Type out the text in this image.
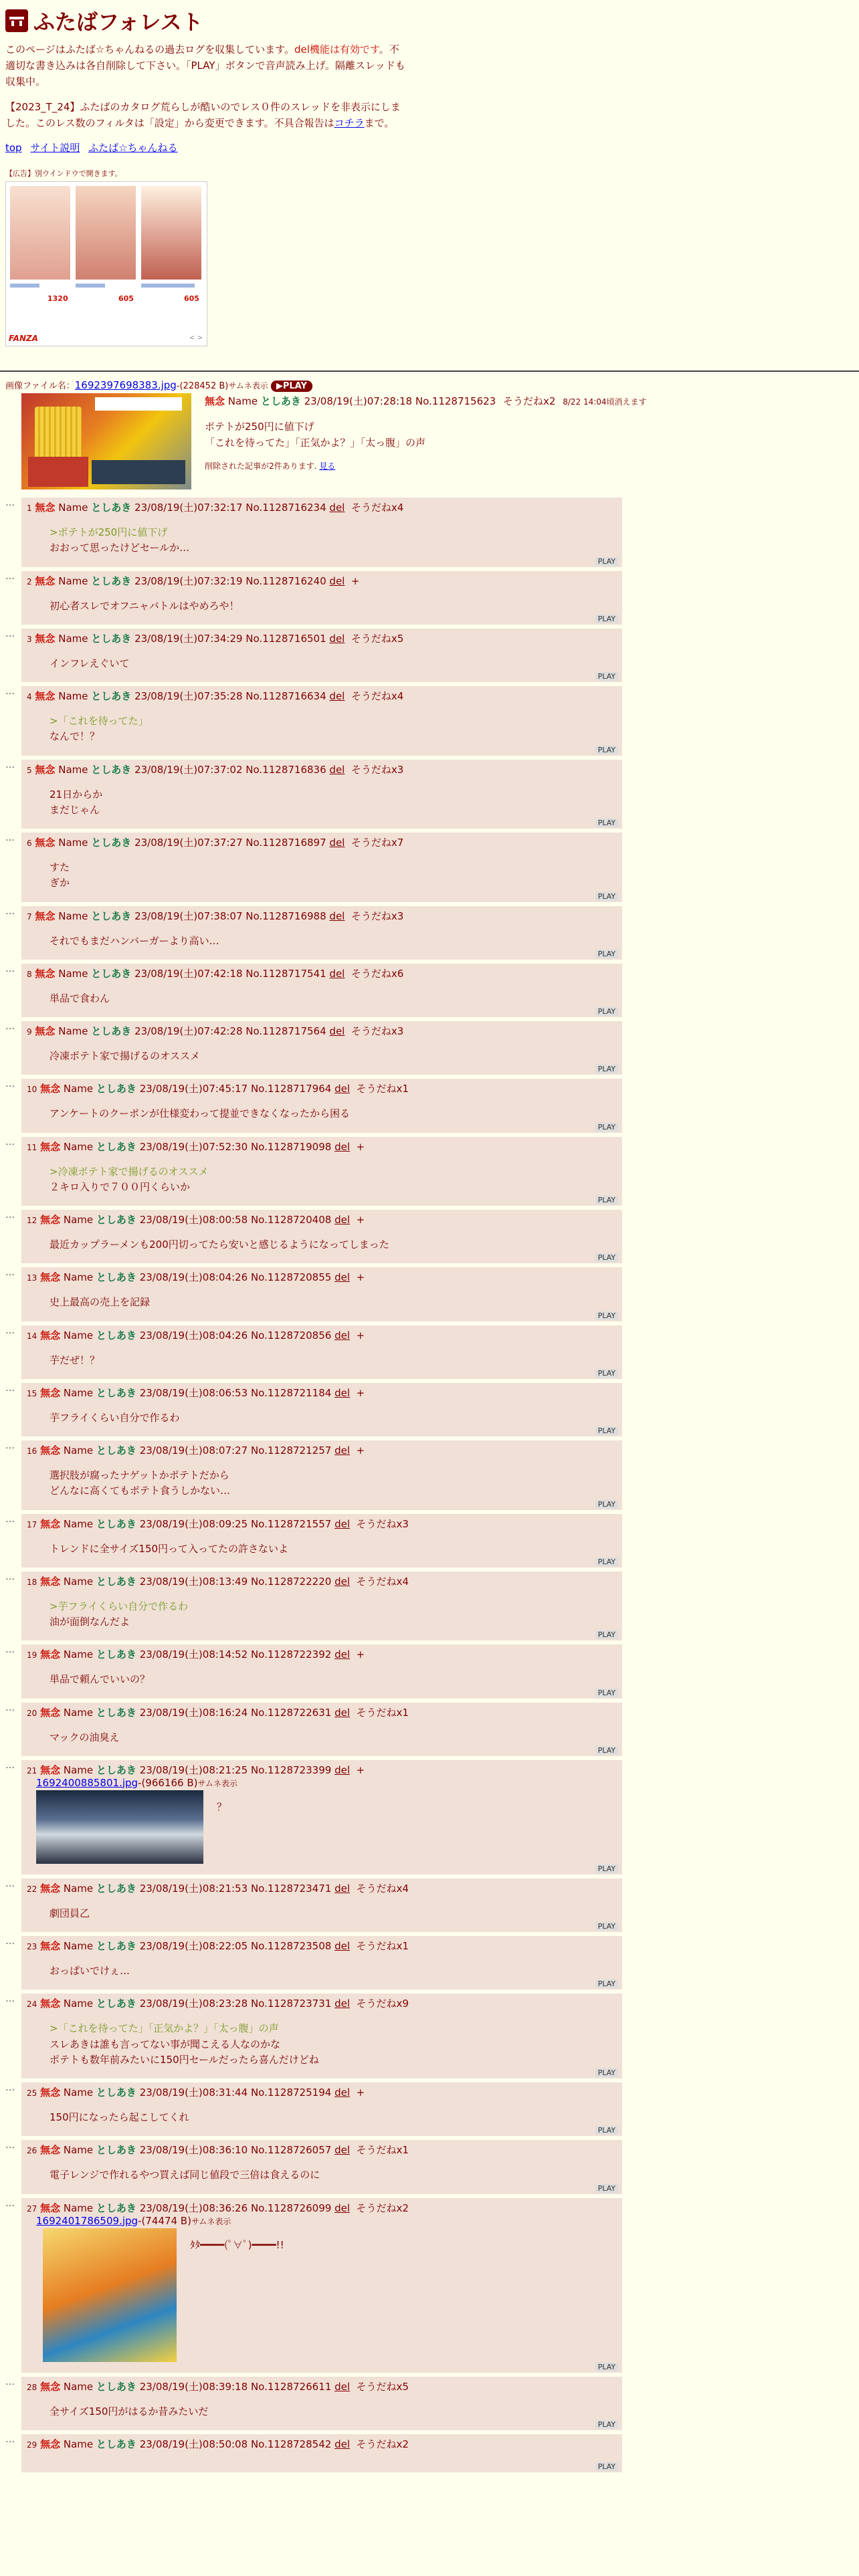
ふたばフォレスト
このページはふたば☆ちゃんねるの過去ログを収集しています。del機能は有効です。不適切な書き込みは各自削除して下さい。「PLAY」ボタンで音声読み上げ。隔離スレッドも収集中。
【2023_T_24】ふたばのカタログ荒らしが酷いのでレス０件のスレッドを非表示にしました。このレス数のフィルタは「設定」から変更できます。不具合報告はコチラまで。
top サイト説明 ふたば☆ちゃんねる
【広告】別ウインドウで開きます。
1320	605	605
FANZA	< >
画像ファイル名：1692397698383.jpg-(228452 B)サムネ表示 ▶PLAY
無念 Name としあき 23/08/19(土)07:28:18 No.1128715623 そうだねx2 8/22 14:04頃消えます
ポテトが250円に値下げ
「これを待ってた」「正気かよ？」「太っ腹」の声
削除された記事が2件あります. 見る
… 1 無念 Name としあき 23/08/19(土)07:32:17 No.1128716234 del そうだねx4
>ポテトが250円に値下げ
おおって思ったけどセールか…
PLAY
… 2 無念 Name としあき 23/08/19(土)07:32:19 No.1128716240 del +
初心者スレでオフニャバトルはやめろや！
PLAY
… 3 無念 Name としあき 23/08/19(土)07:34:29 No.1128716501 del そうだねx5
インフレえぐいて
PLAY
… 4 無念 Name としあき 23/08/19(土)07:35:28 No.1128716634 del そうだねx4
>「これを待ってた」
なんで！？
PLAY
… 5 無念 Name としあき 23/08/19(土)07:37:02 No.1128716836 del そうだねx3
21日からか
まだじゃん
PLAY
… 6 無念 Name としあき 23/08/19(土)07:37:27 No.1128716897 del そうだねx7
すた
ぎか
PLAY
… 7 無念 Name としあき 23/08/19(土)07:38:07 No.1128716988 del そうだねx3
それでもまだハンバーガーより高い…
PLAY
… 8 無念 Name としあき 23/08/19(土)07:42:18 No.1128717541 del そうだねx6
単品で食わん
PLAY
… 9 無念 Name としあき 23/08/19(土)07:42:28 No.1128717564 del そうだねx3
冷凍ポテト家で揚げるのオススメ
PLAY
… 10 無念 Name としあき 23/08/19(土)07:45:17 No.1128717964 del そうだねx1
アンケートのクーポンが仕様変わって提並できなくなったから困る
PLAY
… 11 無念 Name としあき 23/08/19(土)07:52:30 No.1128719098 del +
>冷凍ポテト家で揚げるのオススメ
２キロ入りで７００円くらいか
PLAY
… 12 無念 Name としあき 23/08/19(土)08:00:58 No.1128720408 del +
最近カップラーメンも200円切ってたら安いと感じるようになってしまった
PLAY
… 13 無念 Name としあき 23/08/19(土)08:04:26 No.1128720855 del +
史上最高の売上を記録
PLAY
… 14 無念 Name としあき 23/08/19(土)08:04:26 No.1128720856 del +
芋だぜ！？
PLAY
… 15 無念 Name としあき 23/08/19(土)08:06:53 No.1128721184 del +
芋フライくらい自分で作るわ
PLAY
… 16 無念 Name としあき 23/08/19(土)08:07:27 No.1128721257 del +
選択肢が腐ったナゲットかポテトだから
どんなに高くてもポテト食うしかない…
PLAY
… 17 無念 Name としあき 23/08/19(土)08:09:25 No.1128721557 del そうだねx3
トレンドに全サイズ150円って入ってたの許さないよ
PLAY
… 18 無念 Name としあき 23/08/19(土)08:13:49 No.1128722220 del そうだねx4
>芋フライくらい自分で作るわ
油が面倒なんだよ
PLAY
… 19 無念 Name としあき 23/08/19(土)08:14:52 No.1128722392 del +
単品で頼んでいいの？
PLAY
… 20 無念 Name としあき 23/08/19(土)08:16:24 No.1128722631 del そうだねx1
マックの油臭え
PLAY
… 21 無念 Name としあき 23/08/19(土)08:21:25 No.1128723399 del +
1692400885801.jpg-(966166 B)サムネ表示
？
PLAY
… 22 無念 Name としあき 23/08/19(土)08:21:53 No.1128723471 del そうだねx4
劇団員乙
PLAY
… 23 無念 Name としあき 23/08/19(土)08:22:05 No.1128723508 del そうだねx1
おっぱいでけぇ…
PLAY
… 24 無念 Name としあき 23/08/19(土)08:23:28 No.1128723731 del そうだねx9
>「これを待ってた」「正気かよ？」「太っ腹」の声
スレあきは誰も言ってない事が聞こえる人なのかな
ポテトも数年前みたいに150円セールだったら喜んだけどね
PLAY
… 25 無念 Name としあき 23/08/19(土)08:31:44 No.1128725194 del +
150円になったら起こしてくれ
PLAY
… 26 無念 Name としあき 23/08/19(土)08:36:10 No.1128726057 del そうだねx1
電子レンジで作れるやつ買えば同じ値段で三倍は食えるのに
PLAY
… 27 無念 Name としあき 23/08/19(土)08:36:26 No.1128726099 del そうだねx2
1692401786509.jpg-(74474 B)サムネ表示
ﾀﾀ━━━━(ﾟ∀ﾟ)━━━━!!
PLAY
… 28 無念 Name としあき 23/08/19(土)08:39:18 No.1128726611 del そうだねx5
全サイズ150円がはるか昔みたいだ
PLAY
… 29 無念 Name としあき 23/08/19(土)08:50:08 No.1128728542 del そうだねx2
PLAY
